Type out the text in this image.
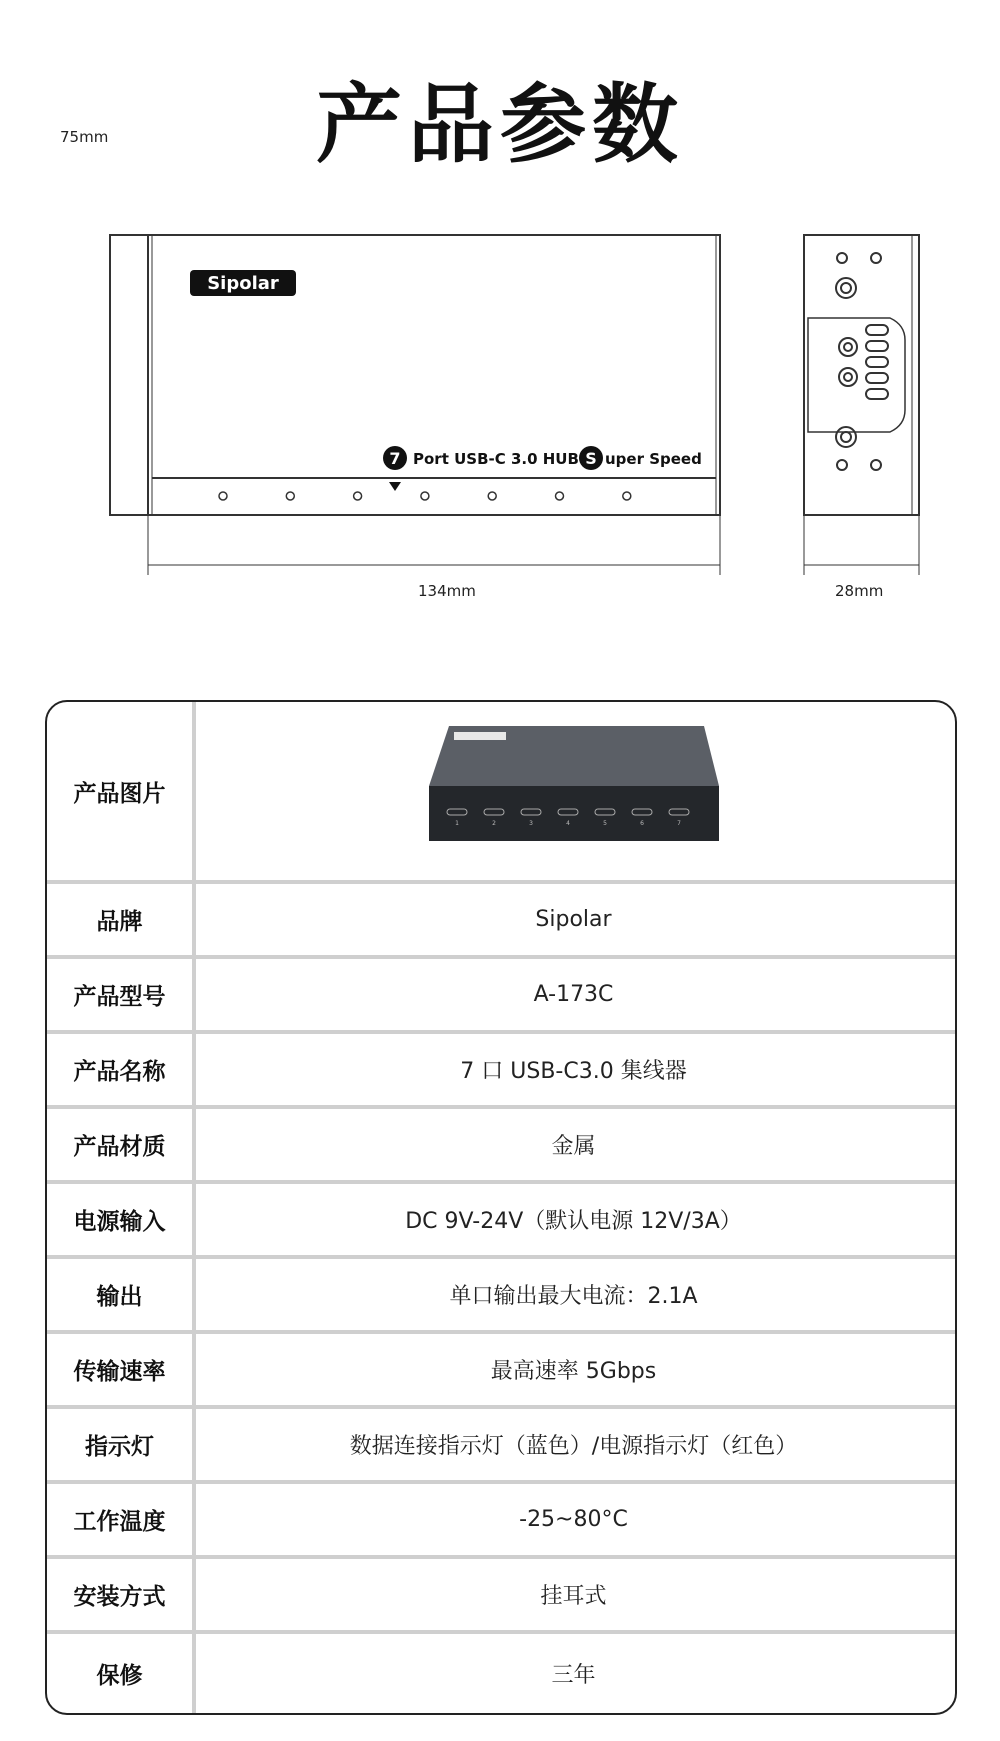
产品参数
Sipolar
7 Port USB-C 3.0 HUB S uper Speed
75mm
134mm	28mm
产品图片
1	2	3	4	5	6	7
品牌	Sipolar
产品型号	A-173C
产品名称	7 口 USB-C3.0 集线器
产品材质	金属
电源输入	DC 9V-24V（默认电源 12V/3A）
输出	单口输出最大电流：2.1A
传输速率	最高速率 5Gbps
指示灯	数据连接指示灯（蓝色）/电源指示灯（红色）
工作温度	-25~80°C
安装方式	挂耳式
保修	三年
